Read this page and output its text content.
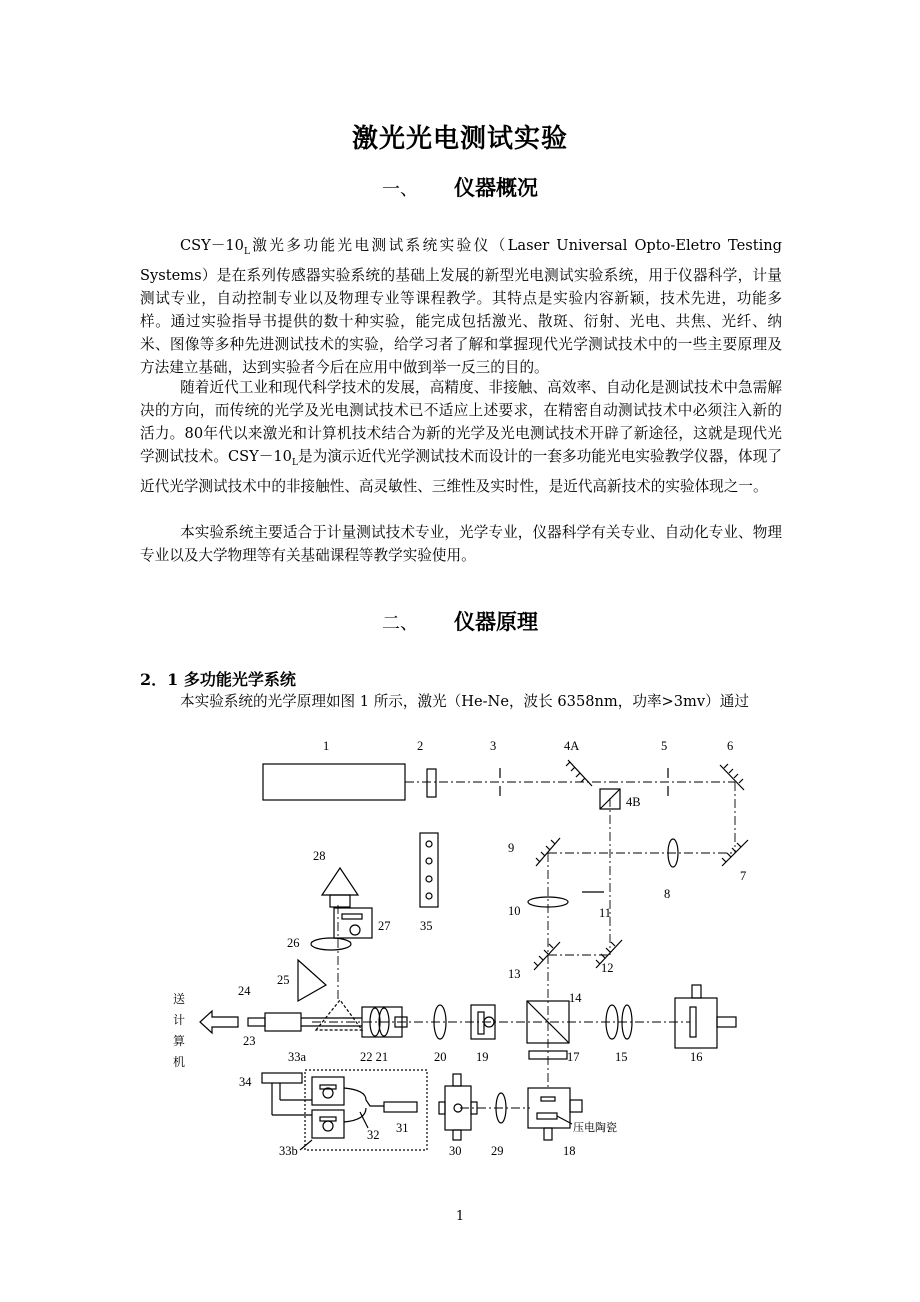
激光光电测试实验
一、 仪器概况
$CSY-10_L$激光多功能光电测试系统实验仪（Laser Universal Opto-Eletro Testing Systems）是在系列传感器实验系统的基础上发展的新型光电测试实验系统，用于仪器科学，计量测试专业，自动控制专业以及物理专业等课程教学。其特点是实验内容新颖，技术先进，功能多样。通过实验指导书提供的数十种实验，能完成包括激光、散斑、衍射、光电、共焦、光纤、纳米、图像等多种先进测试技术的实验，给学习者了解和掌握现代光学测试技术中的一些主要原理及方法建立基础，达到实验者今后在应用中做到举一反三的目的。
随着近代工业和现代科学技术的发展，高精度、非接触、高效率、自动化是测试技术中急需解决的方向，而传统的光学及光电测试技术已不适应上述要求，在精密自动测试技术中必须注入新的活力。80年代以来激光和计算机技术结合为新的光学及光电测试技术开辟了新途径，这就是现代光学测试技术。$CSY-10_L$是为演示近代光学测试技术而设计的一套多功能光电实验教学仪器，体现了近代光学测试技术中的非接触性、高灵敏性、三维性及实时性，是近代高新技术的实验体现之一。
本实验系统主要适合于计量测试技术专业，光学专业，仪器科学有关专业、自动化专业、物理专业以及大学物理等有关基础课程等教学实验使用。
二、 仪器原理
2．1 多功能光学系统
本实验系统的光学原理如图 1 所示，激光（He-Ne，波长 6358nm，功率>3mv）通过
1	2	3	4A	5	6
4B
7
8
9
10	11
12
13
14
15	16
17
18
19
20
22 21
23
24
25
26
27
28
29
30
31
32
33a
33b
34
35
压电陶瓷
送
计
算
机
1
